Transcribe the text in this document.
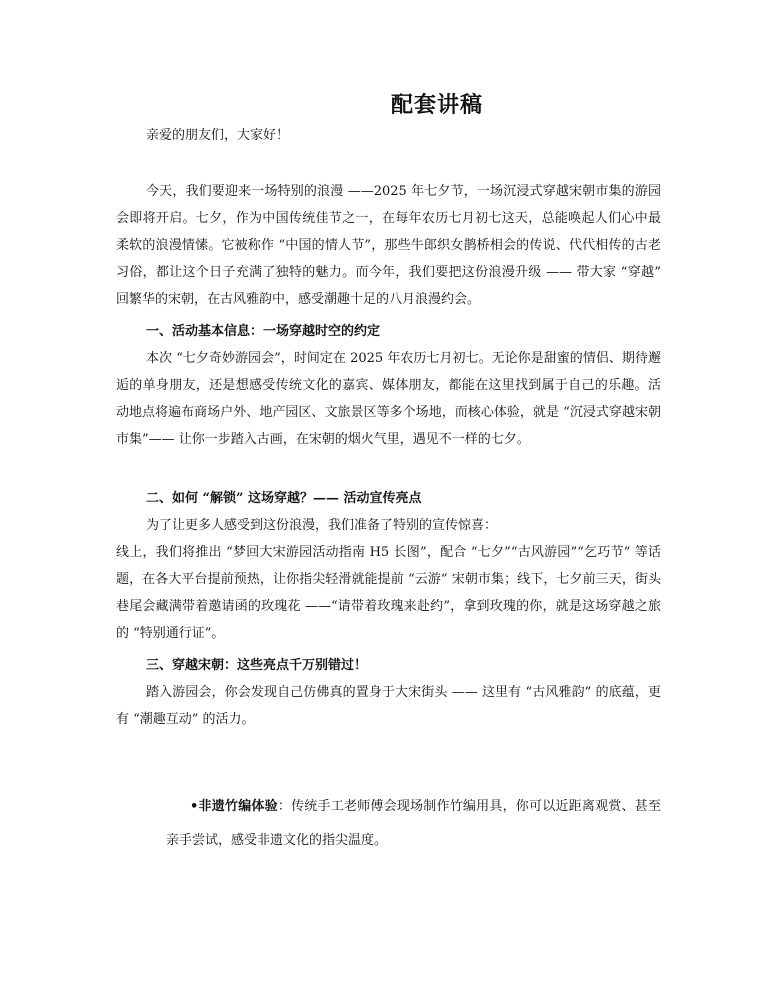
配套讲稿
亲爱的朋友们，大家好！
今天，我们要迎来一场特别的浪漫 ——2025 年七夕节，一场沉浸式穿越宋朝市集的游园会即将开启。七夕，作为中国传统佳节之一，在每年农历七月初七这天，总能唤起人们心中最柔软的浪漫情愫。它被称作 “中国的情人节”，那些牛郎织女鹊桥相会的传说、代代相传的古老习俗，都让这个日子充满了独特的魅力。而今年，我们要把这份浪漫升级 —— 带大家 “穿越” 回繁华的宋朝，在古风雅韵中，感受潮趣十足的八月浪漫约会。
一、活动基本信息：一场穿越时空的约定
本次 “七夕奇妙游园会”，时间定在 2025 年农历七月初七。无论你是甜蜜的情侣、期待邂逅的单身朋友，还是想感受传统文化的嘉宾、媒体朋友，都能在这里找到属于自己的乐趣。活动地点将遍布商场户外、地产园区、文旅景区等多个场地，而核心体验，就是 “沉浸式穿越宋朝市集”—— 让你一步踏入古画，在宋朝的烟火气里，遇见不一样的七夕。
二、如何 “解锁” 这场穿越？—— 活动宣传亮点
为了让更多人感受到这份浪漫，我们准备了特别的宣传惊喜：
线上，我们将推出 “梦回大宋游园活动指南 H5 长图”，配合 “七夕”“古风游园”“乞巧节” 等话题，在各大平台提前预热，让你指尖轻滑就能提前 “云游” 宋朝市集；线下，七夕前三天，街头巷尾会藏满带着邀请函的玫瑰花 ——“请带着玫瑰来赴约”，拿到玫瑰的你，就是这场穿越之旅的 “特别通行证”。
三、穿越宋朝：这些亮点千万别错过！
踏入游园会，你会发现自己仿佛真的置身于大宋街头 —— 这里有 “古风雅韵” 的底蕴，更有 “潮趣互动” 的活力。
•非遗竹编体验：传统手工老师傅会现场制作竹编用具，你可以近距离观赏、甚至亲手尝试，感受非遗文化的指尖温度。
